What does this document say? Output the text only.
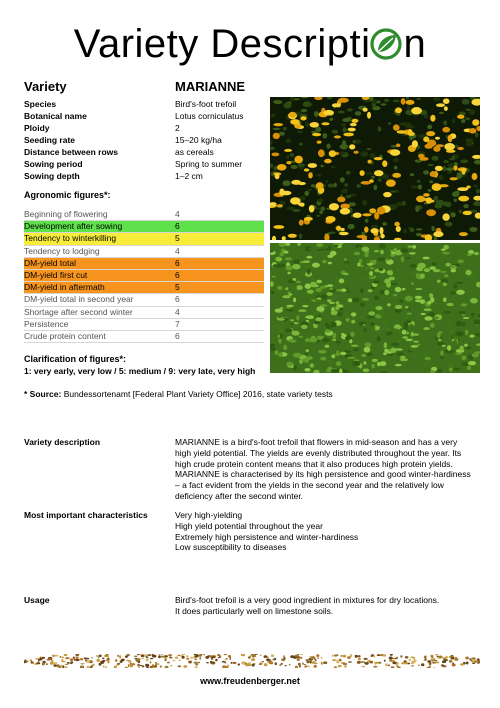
Variety Descripti n
Variety	MARIANNE
Species	Bird's-foot trefoil
Botanical name	Lotus corniculatus
Ploidy	2
Seeding rate	15–20 kg/ha
Distance between rows	as cereals
Sowing period	Spring to summer
Sowing depth	1–2 cm
Agronomic figures*:
Beginning of flowering	4
Development after sowing	6
Tendency to winterkilling	5
Tendency to lodging	4
DM-yield total	6
DM-yield first cut	6
DM-yield in aftermath	5
DM-yield total in second year	6
Shortage after second winter	4
Persistence	7
Crude protein content	6
Clarification of figures*:
1: very early, very low / 5: medium / 9: very late, very high
* Source: Bundessortenamt [Federal Plant Variety Office] 2016, state variety tests
Variety description	MARIANNE is a bird's-foot trefoil that flowers in mid-season and has a very high yield potential. The yields are evenly distributed throughout the year. Its high crude protein content means that it also produces high protein yields. MARIANNE is characterised by its high persistence and good winter-hardiness – a fact evident from the yields in the second year and the relatively low deficiency after the second winter.
Most important characteristics	Very high-yielding
High yield potential throughout the year
Extremely high persistence and winter-hardiness
Low susceptibility to diseases
Usage	Bird's-foot trefoil is a very good ingredient in mixtures for dry locations.
It does particularly well on limestone soils.
www.freudenberger.net
